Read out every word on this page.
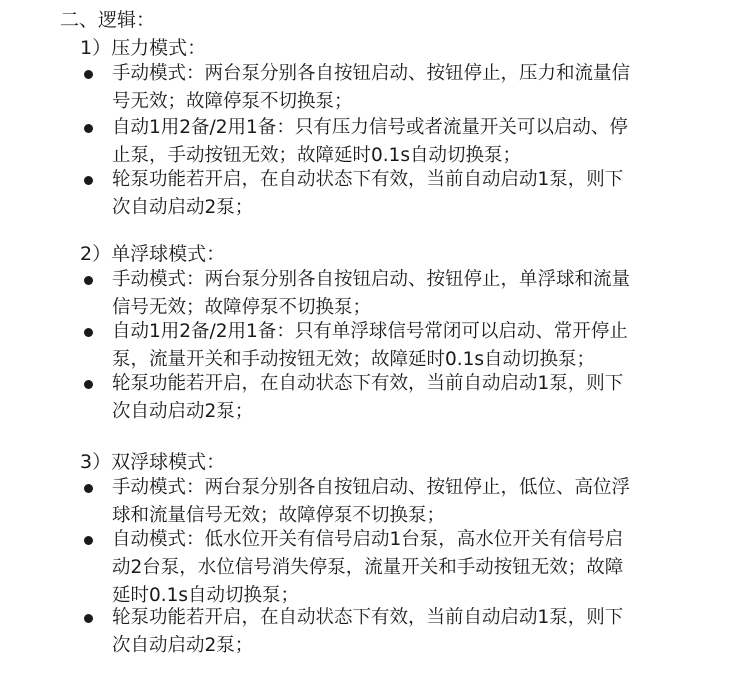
二、逻辑：
1）压力模式：
手动模式：两台泵分别各自按钮启动、按钮停止，压力和流量信
号无效；故障停泵不切换泵；
自动1用2备/2用1备：只有压力信号或者流量开关可以启动、停
止泵，手动按钮无效；故障延时0.1s自动切换泵；
轮泵功能若开启，在自动状态下有效，当前自动启动1泵，则下
次自动启动2泵；
2）单浮球模式：
手动模式：两台泵分别各自按钮启动、按钮停止，单浮球和流量
信号无效；故障停泵不切换泵；
自动1用2备/2用1备：只有单浮球信号常闭可以启动、常开停止
泵，流量开关和手动按钮无效；故障延时0.1s自动切换泵；
轮泵功能若开启，在自动状态下有效，当前自动启动1泵，则下
次自动启动2泵；
3）双浮球模式：
手动模式：两台泵分别各自按钮启动、按钮停止，低位、高位浮
球和流量信号无效；故障停泵不切换泵；
自动模式：低水位开关有信号启动1台泵，高水位开关有信号启
动2台泵，水位信号消失停泵，流量开关和手动按钮无效；故障
延时0.1s自动切换泵；
轮泵功能若开启，在自动状态下有效，当前自动启动1泵，则下
次自动启动2泵；
